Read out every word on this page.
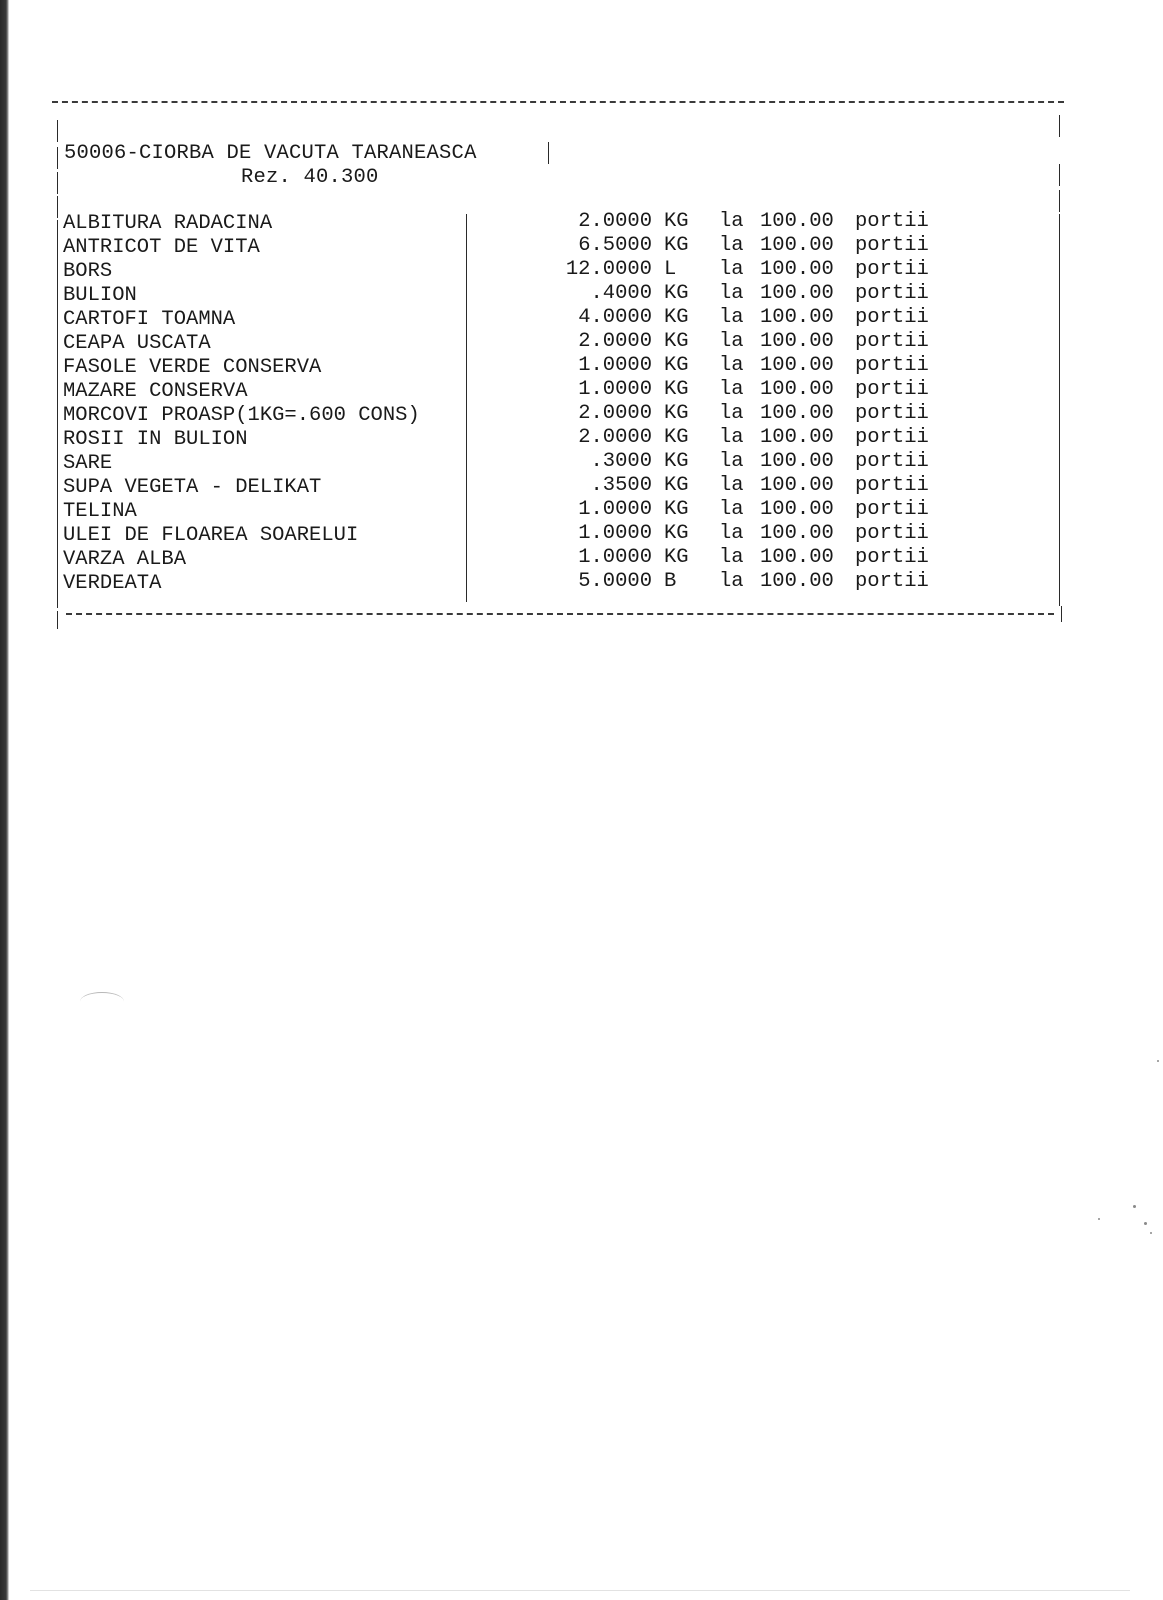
50006-CIORBA DE VACUTA TARANEASCA
Rez. 40.300
ALBITURA RADACINA
ANTRICOT DE VITA
BORS
BULION
CARTOFI TOAMNA
CEAPA USCATA
FASOLE VERDE CONSERVA
MAZARE CONSERVA
MORCOVI PROASP(1KG=.600 CONS)
ROSII IN BULION
SARE
SUPA VEGETA - DELIKAT
TELINA
ULEI DE FLOAREA SOARELUI
VARZA ALBA
VERDEATA
2.0000
6.5000
12.0000
.4000
4.0000
2.0000
1.0000
1.0000
2.0000
2.0000
.3000
.3500
1.0000
1.0000
1.0000
5.0000
KG
KG
L
KG
KG
KG
KG
KG
KG
KG
KG
KG
KG
KG
KG
B
la
la
la
la
la
la
la
la
la
la
la
la
la
la
la
la
100.00
100.00
100.00
100.00
100.00
100.00
100.00
100.00
100.00
100.00
100.00
100.00
100.00
100.00
100.00
100.00
portii
portii
portii
portii
portii
portii
portii
portii
portii
portii
portii
portii
portii
portii
portii
portii
